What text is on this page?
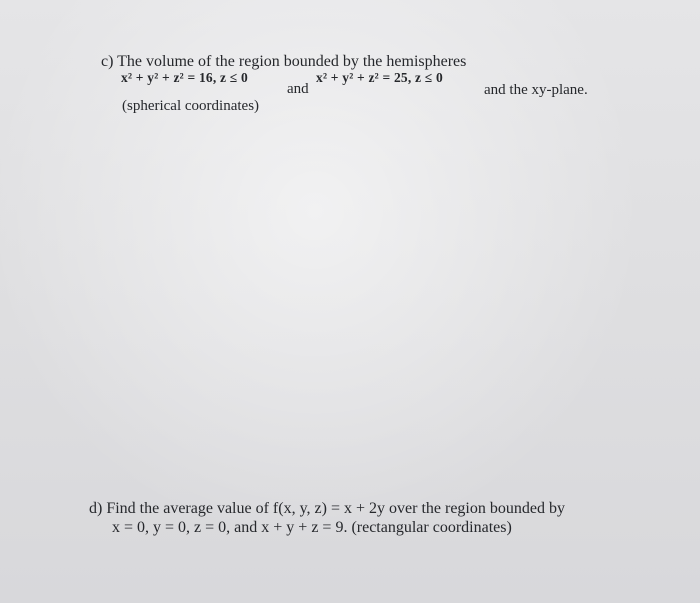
c) The volume of the region bounded by the hemispheres
x² + y² + z² = 16, z ≤ 0
and
x² + y² + z² = 25, z ≤ 0
and the xy-plane.
(spherical coordinates)
d) Find the average value of f(x, y, z) = x + 2y over the region bounded by
x = 0, y = 0, z = 0, and x + y + z = 9. (rectangular coordinates)
